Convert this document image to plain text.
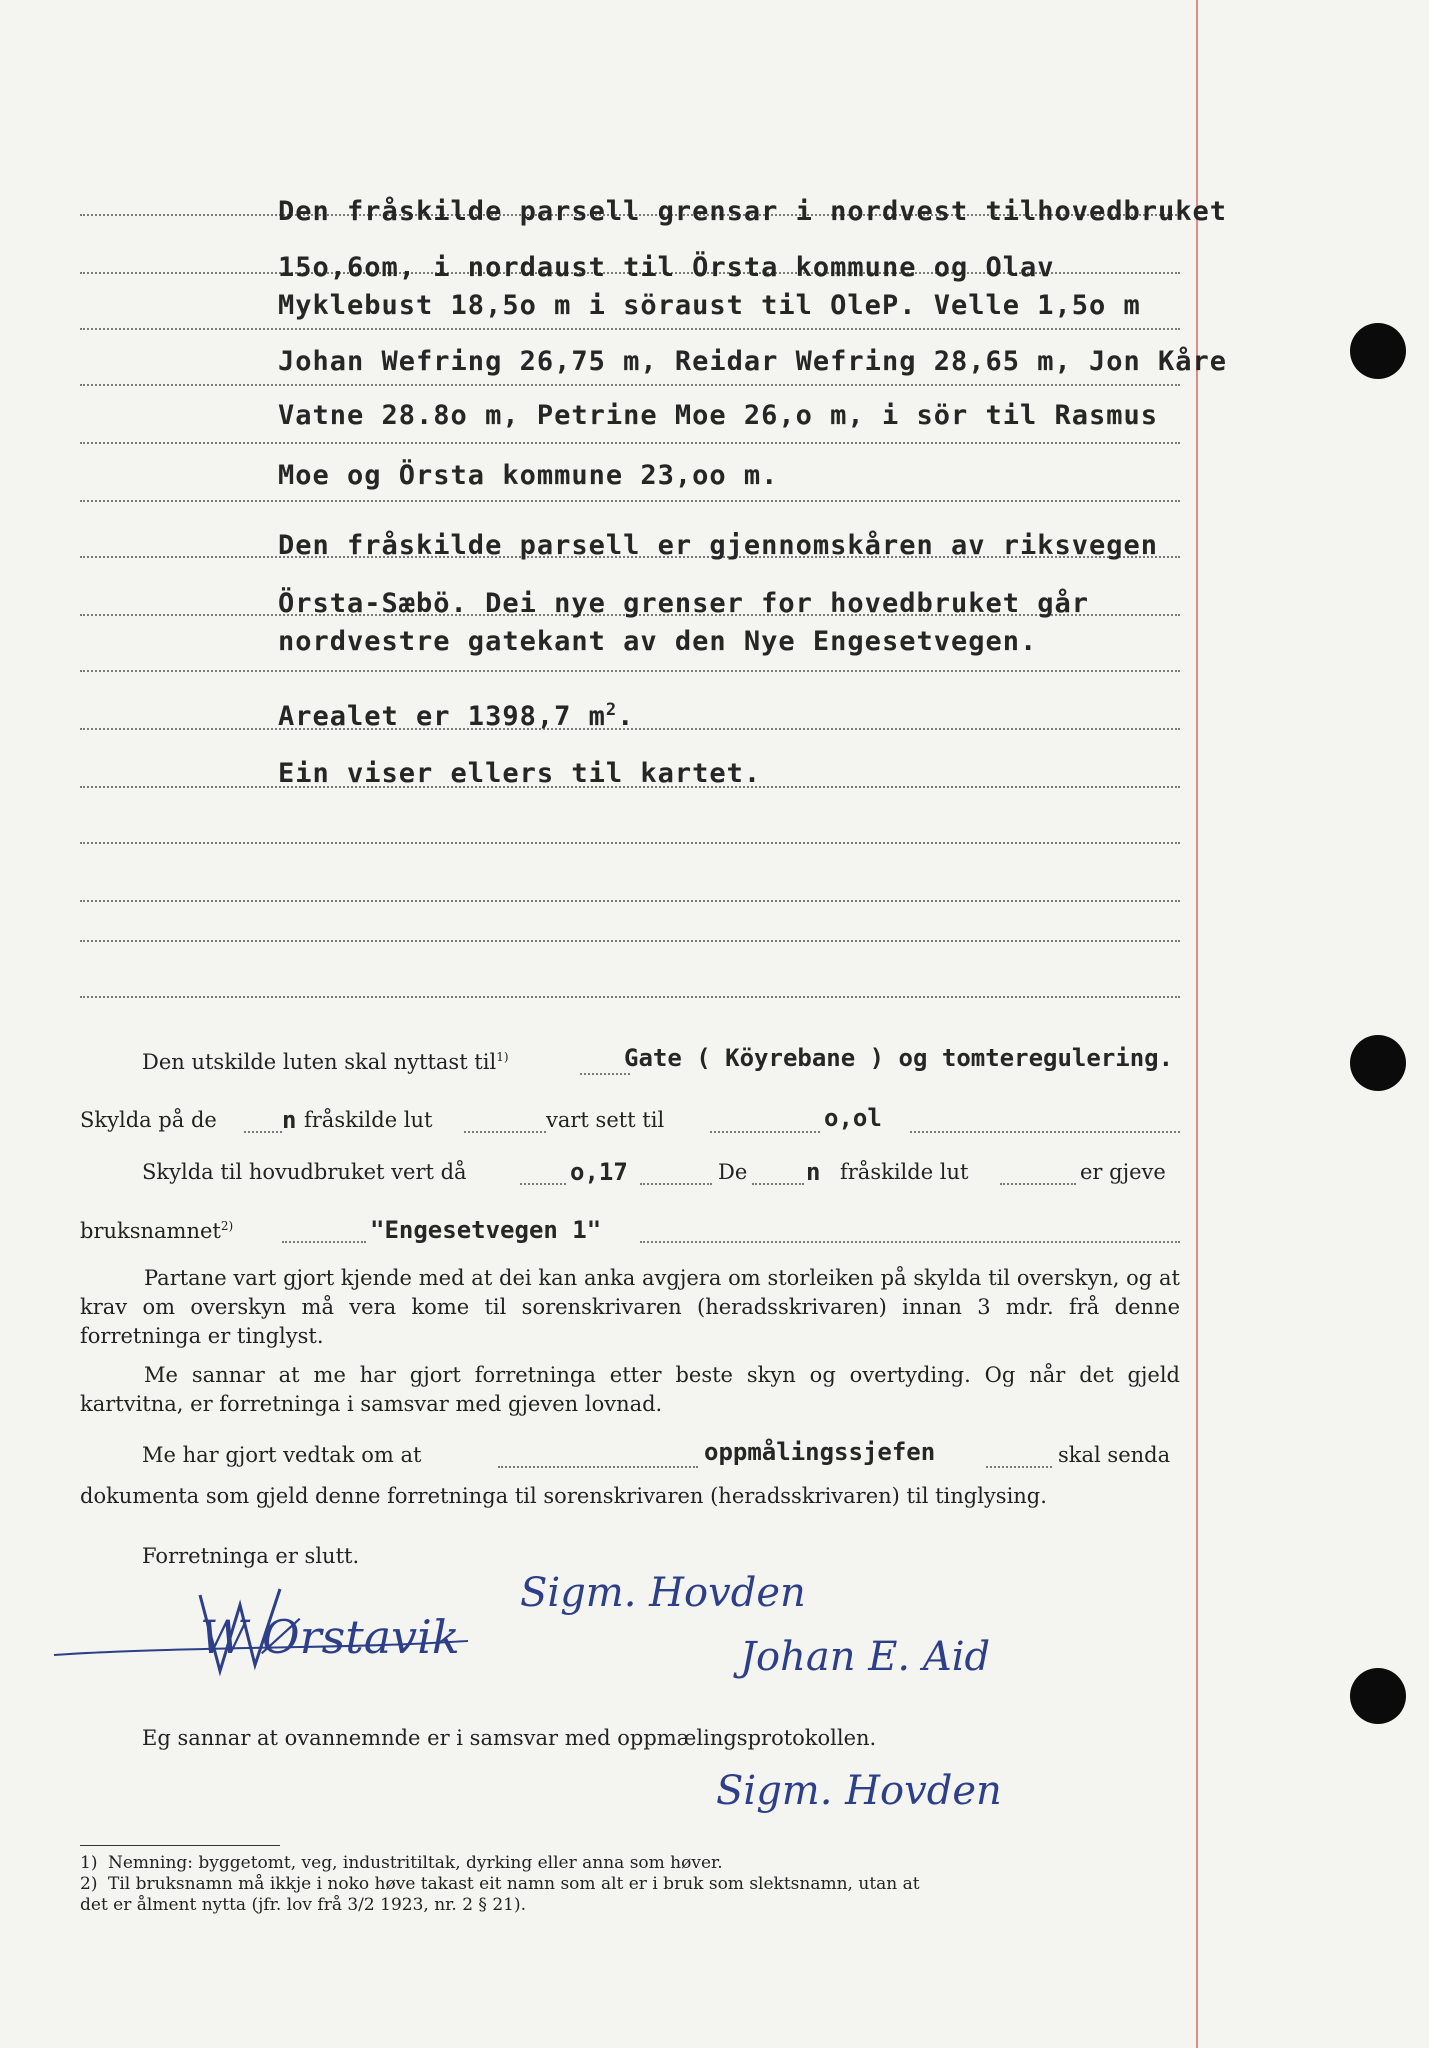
Den fråskilde parsell grensar i nordvest tilhovedbruket
15o,6om, i nordaust til Örsta kommune og Olav
Myklebust 18,5o m i söraust til OleP. Velle 1,5o m
Johan Wefring 26,75 m, Reidar Wefring 28,65 m, Jon Kåre
Vatne 28.8o m, Petrine Moe 26,o m, i sör til Rasmus
Moe og Örsta kommune 23,oo m.
Den fråskilde parsell er gjennomskåren av riksvegen
Örsta-Sæbö. Dei nye grenser for hovedbruket går
nordvestre gatekant av den Nye Engesetvegen.
Arealet er 1398,7 $m^2$.
Ein viser ellers til kartet.
Den utskilde luten skal nyttast til$^{1)}$	Gate ( Köyrebane ) og tomteregulering.
Skylda på de	n fråskilde lut	vart sett til	o,ol
Skylda til hovudbruket vert då	o,17	De n fråskilde lut	er gjeve
bruksnamnet$^{2)}$	"Engesetvegen 1"
Partane vart gjort kjende med at dei kan anka avgjera om storleiken på skylda til overskyn, og at krav om overskyn må vera kome til sorenskrivaren (heradsskrivaren) innan 3 mdr. frå denne forretninga er tinglyst.
Me sannar at me har gjort forretninga etter beste skyn og overtyding. Og når det gjeld kartvitna, er forretninga i samsvar med gjeven lovnad.
Me har gjort vedtak om at	oppmålingssjefen	skal senda
dokumenta som gjeld denne forretninga til sorenskrivaren (heradsskrivaren) til tinglysing.
Forretninga er slutt.
W Ørstavik
Sigm. Hovden
Johan E. Aid
Eg sannar at ovannemnde er i samsvar med oppmælingsprotokollen.
Sigm. Hovden
1) Nemning: byggetomt, veg, industritiltak, dyrking eller anna som høver.
2) Til bruksnamn må ikkje i noko høve takast eit namn som alt er i bruk som slektsnamn, utan at
det er ålment nytta (jfr. lov frå 3/2 1923, nr. 2 § 21).
